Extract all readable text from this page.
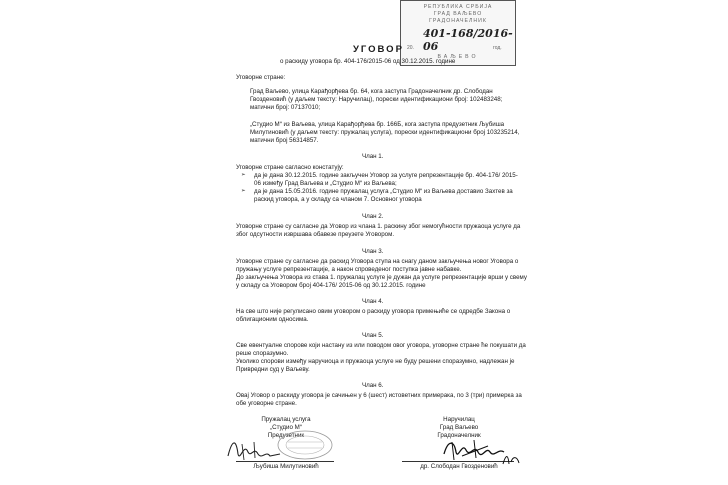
РЕПУБЛИКА СРБИЈА
ГРАД ВАЉЕВО
ГРАДОНАЧЕЛНИК
401-168/2016-06
20.	год.
ВАЉЕВО
УГОВОР
о раскиду уговора бр. 404-176/2015-06 од 30.12.2015. године
Уговорне стране:
Град Ваљево, улица Карађорђева бр. 64, кога заступа Градоначелник др. Слободан
Гвозденовић (у даљем тексту: Наручилац), порески идентификациони број: 102483248;
матични број: 07137010;
„Студио М“ из Ваљева, улица Карађорђева бр. 166Б, кога заступа предузетник Љубиша
Милутиновић (у даљем тексту: пружалац услуга), порески идентификациони број 103235214,
матични број 56314857.
Члан 1.
Уговорне стране сагласно констатују:
➢ да је дана 30.12.2015. године закључен Уговор за услуге репрезентације бр. 404-176/ 2015-
06 између Град Ваљева и „Студио М“ из Ваљева;
➢ да је дана 15.05.2016. године пружалац услуга „Студио М“ из Ваљева доставио Захтев за
раскид уговора, а у складу са чланом 7. Основног уговора
Члан 2.
Уговорне стране су сагласне да Уговор из члана 1. раскину због немогућности пружаоца услуге да
због одсутности извршава обавезе преузете Уговором.
Члан 3.
Уговорне стране су сагласне да раскид Уговора ступа на снагу даном закључења новог Уговора о
пружању услуге репрезентације, а након спроведеног поступка јавне набавке.
До закључења Уговора из става 1. пружалац услуге је дужан да услуге репрезентације врши у свему
у складу са Уговором број 404-176/ 2015-06 од 30.12.2015. године
Члан 4.
На све што није регулисано овим уговором о раскиду уговора примењиће се одредбе Закона о
облигационим односима.
Члан 5.
Све евентуалне спорове који настану из или поводом овог уговора, уговорне стране ће покушати да
реше споразумно.
Уколико спорови између наручиоца и пружаоца услуге не буду решени споразумно, надлежан је
Привредни суд у Ваљеву.
Члан 6.
Овај Уговор о раскиду уговора је сачињен у 6 (шест) истоветних примерака, по 3 (три) примерка за
обе уговорне стране.
Пружалац услуга
„Студио М“
Предузетник
Љубиша Милутиновић
Наручилац
Град Ваљево
Градоначелник
др. Слободан Гвозденовић
